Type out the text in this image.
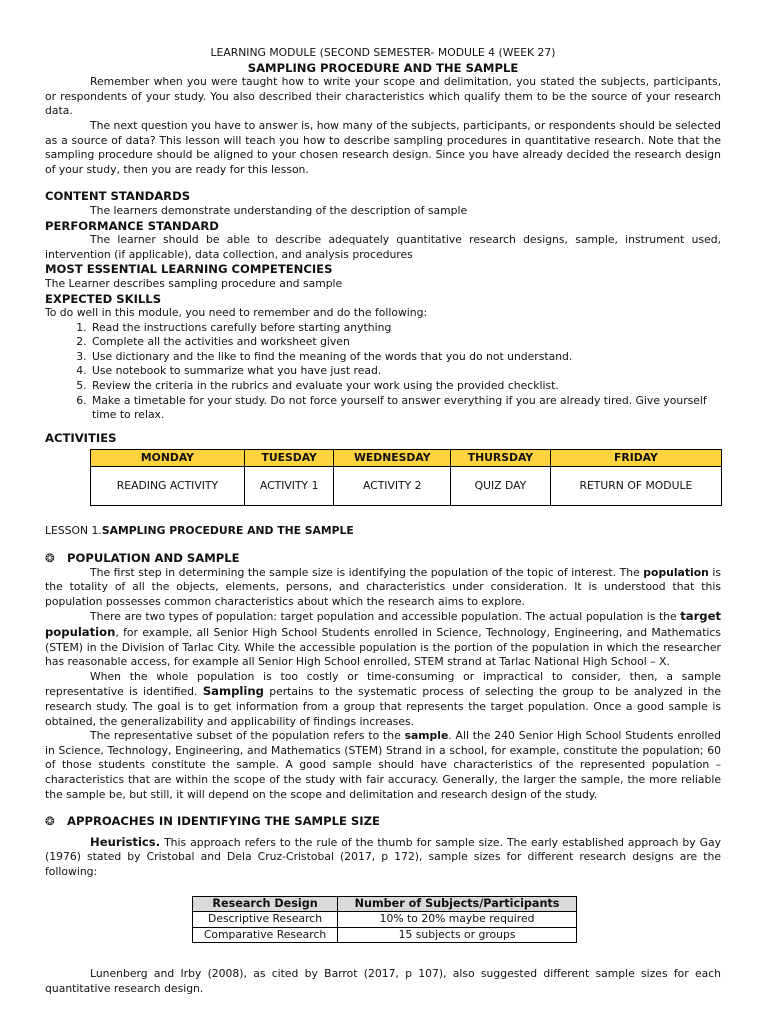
LEARNING MODULE (SECOND SEMESTER- MODULE 4 (WEEK 27)
SAMPLING PROCEDURE AND THE SAMPLE

Remember when you were taught how to write your scope and delimitation, you stated the subjects, participants, or respondents of your study. You also described their characteristics which qualify them to be the source of your research data.

The next question you have to answer is, how many of the subjects, participants, or respondents should be selected as a source of data? This lesson will teach you how to describe sampling procedures in quantitative research. Note that the sampling procedure should be aligned to your chosen research design. Since you have already decided the research design of your study, then you are ready for this lesson.

CONTENT STANDARDS
The learners demonstrate understanding of the description of sample
PERFORMANCE STANDARD

The learner should be able to describe adequately quantitative research designs, sample, instrument used, intervention (if applicable), data collection, and analysis procedures

MOST ESSENTIAL LEARNING COMPETENCIES
The Learner describes sampling procedure and sample
EXPECTED SKILLS
To do well in this module, you need to remember and do the following:
1. Read the instructions carefully before starting anything
2. Complete all the activities and worksheet given
3. Use dictionary and the like to find the meaning of the words that you do not understand.
4. Use notebook to summarize what you have just read.
5. Review the criteria in the rubrics and evaluate your work using the provided checklist.
6. Make a timetable for your study. Do not force yourself to answer everything if you are already tired. Give yourself time to relax.
ACTIVITIES
MONDAY	TUESDAY	WEDNESDAY	THURSDAY	FRIDAY
READING ACTIVITY	ACTIVITY 1	ACTIVITY 2	QUIZ DAY	RETURN OF MODULE
LESSON 1.SAMPLING PROCEDURE AND THE SAMPLE
❂ POPULATION AND SAMPLE

The first step in determining the sample size is identifying the population of the topic of interest. The population is the totality of all the objects, elements, persons, and characteristics under consideration. It is understood that this population possesses common characteristics about which the research aims to explore.

There are two types of population: target population and accessible population. The actual population is the target population, for example, all Senior High School Students enrolled in Science, Technology, Engineering, and Mathematics (STEM) in the Division of Tarlac City. While the accessible population is the portion of the population in which the researcher has reasonable access, for example all Senior High School enrolled, STEM strand at Tarlac National High School – X.

When the whole population is too costly or time-consuming or impractical to consider, then, a sample representative is identified. Sampling pertains to the systematic process of selecting the group to be analyzed in the research study. The goal is to get information from a group that represents the target population. Once a good sample is obtained, the generalizability and applicability of findings increases.

The representative subset of the population refers to the sample. All the 240 Senior High School Students enrolled in Science, Technology, Engineering, and Mathematics (STEM) Strand in a school, for example, constitute the population; 60 of those students constitute the sample. A good sample should have characteristics of the represented population – characteristics that are within the scope of the study with fair accuracy. Generally, the larger the sample, the more reliable the sample be, but still, it will depend on the scope and delimitation and research design of the study.

❂ APPROACHES IN IDENTIFYING THE SAMPLE SIZE

Heuristics. This approach refers to the rule of the thumb for sample size. The early established approach by Gay (1976) stated by Cristobal and Dela Cruz-Cristobal (2017, p 172), sample sizes for different research designs are the following:

Research Design	Number of Subjects/Participants
Descriptive Research	10% to 20% maybe required
Comparative Research	15 subjects or groups

Lunenberg and Irby (2008), as cited by Barrot (2017, p 107), also suggested different sample sizes for each quantitative research design.
